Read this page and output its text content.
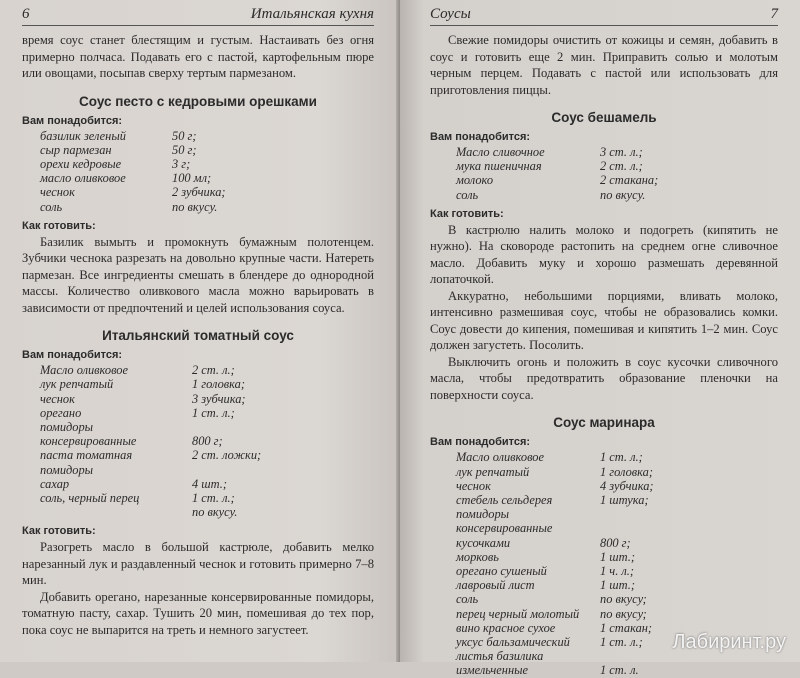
6	Итальянская кухня

время соус станет блестящим и густым. Настаивать без огня примерно полчаса. Подавать его с пастой, картофельным пюре или овощами, посыпав сверху тертым пармезаном.

Соус песто с кедровыми орешками
Вам понадобится:
базилик зеленый	50 г;
сыр пармезан	50 г;
орехи кедровые	3 г;
масло оливковое	100 мл;
чеснок	2 зубчика;
соль	по вкусу.
Как готовить:

Базилик вымыть и промокнуть бумажным полотенцем. Зубчики чеснока разрезать на довольно крупные части. Натереть пармезан. Все ингредиенты смешать в блендере до однородной массы. Количество оливкового масла можно варьировать в зависимости от предпочтений и целей использования соуса.

Итальянский томатный соус
Вам понадобится:
Масло оливковое	2 ст. л.;
лук репчатый	1 головка;
чеснок	3 зубчика;
орегано	1 ст. л.;
помидоры
консервированные	800 г;
паста томатная	2 ст. ложки;
помидоры
сахар	4 шт.;
соль, черный перец	1 ст. л.;
по вкусу.
Как готовить:

Разогреть масло в большой кастрюле, добавить мелко нарезанный лук и раздавленный чеснок и готовить примерно 7–8 мин.

Добавить орегано, нарезанные консервированные помидоры, томатную пасту, сахар. Тушить 20 мин, помешивая до тех пор, пока соус не выпарится на треть и немного загустеет.

Соусы	7

Свежие помидоры очистить от кожицы и семян, добавить в соус и готовить еще 2 мин. Приправить солью и молотым черным перцем. Подавать с пастой или использовать для приготовления пиццы.

Соус бешамель
Вам понадобится:
Масло сливочное	3 ст. л.;
мука пшеничная	2 ст. л.;
молоко	2 стакана;
соль	по вкусу.
Как готовить:

В кастрюлю налить молоко и подогреть (кипятить не нужно). На сковороде растопить на среднем огне сливочное масло. Добавить муку и хорошо размешать деревянной лопаточкой.

Аккуратно, небольшими порциями, вливать молоко, интенсивно размешивая соус, чтобы не образовались комки. Соус довести до кипения, помешивая и кипятить 1–2 мин. Соус должен загустеть. Посолить.

Выключить огонь и положить в соус кусочки сливочного масла, чтобы предотвратить образование пленочки на поверхности соуса.

Соус маринара
Вам понадобится:
Масло оливковое	1 ст. л.;
лук репчатый	1 головка;
чеснок	4 зубчика;
стебель сельдерея	1 штука;
помидоры консервированные
кусочками	800 г;
морковь	1 шт.;
орегано сушеный	1 ч. л.;
лавровый лист	1 шт.;
соль	по вкусу;
перец черный молотый	по вкусу;
вино красное сухое	1 стакан;
уксус бальзамический	1 ст. л.;
листья базилика
измельченные	1 ст. л.
Лабиринт.ру
